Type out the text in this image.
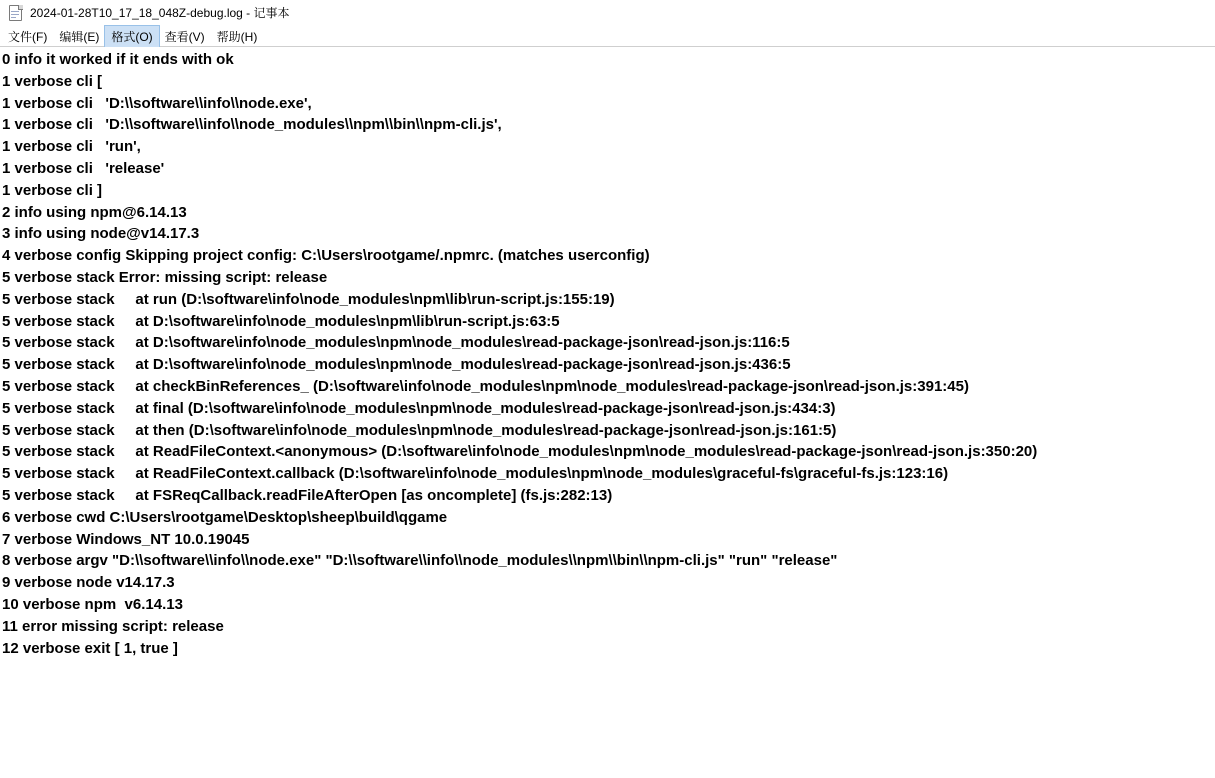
2024-01-28T10_17_18_048Z-debug.log - 记事本
文件(F)	编辑(E)	格式(O)	查看(V)	帮助(H)
0 info it worked if it ends with ok
1 verbose cli [
1 verbose cli   'D:\\software\\info\\node.exe',
1 verbose cli   'D:\\software\\info\\node_modules\\npm\\bin\\npm-cli.js',
1 verbose cli   'run',
1 verbose cli   'release'
1 verbose cli ]
2 info using npm@6.14.13
3 info using node@v14.17.3
4 verbose config Skipping project config: C:\Users\rootgame/.npmrc. (matches userconfig)
5 verbose stack Error: missing script: release
5 verbose stack     at run (D:\software\info\node_modules\npm\lib\run-script.js:155:19)
5 verbose stack     at D:\software\info\node_modules\npm\lib\run-script.js:63:5
5 verbose stack     at D:\software\info\node_modules\npm\node_modules\read-package-json\read-json.js:116:5
5 verbose stack     at D:\software\info\node_modules\npm\node_modules\read-package-json\read-json.js:436:5
5 verbose stack     at checkBinReferences_ (D:\software\info\node_modules\npm\node_modules\read-package-json\read-json.js:391:45)
5 verbose stack     at final (D:\software\info\node_modules\npm\node_modules\read-package-json\read-json.js:434:3)
5 verbose stack     at then (D:\software\info\node_modules\npm\node_modules\read-package-json\read-json.js:161:5)
5 verbose stack     at ReadFileContext.<anonymous> (D:\software\info\node_modules\npm\node_modules\read-package-json\read-json.js:350:20)
5 verbose stack     at ReadFileContext.callback (D:\software\info\node_modules\npm\node_modules\graceful-fs\graceful-fs.js:123:16)
5 verbose stack     at FSReqCallback.readFileAfterOpen [as oncomplete] (fs.js:282:13)
6 verbose cwd C:\Users\rootgame\Desktop\sheep\build\qgame
7 verbose Windows_NT 10.0.19045
8 verbose argv "D:\\software\\info\\node.exe" "D:\\software\\info\\node_modules\\npm\\bin\\npm-cli.js" "run" "release"
9 verbose node v14.17.3
10 verbose npm  v6.14.13
11 error missing script: release
12 verbose exit [ 1, true ]
